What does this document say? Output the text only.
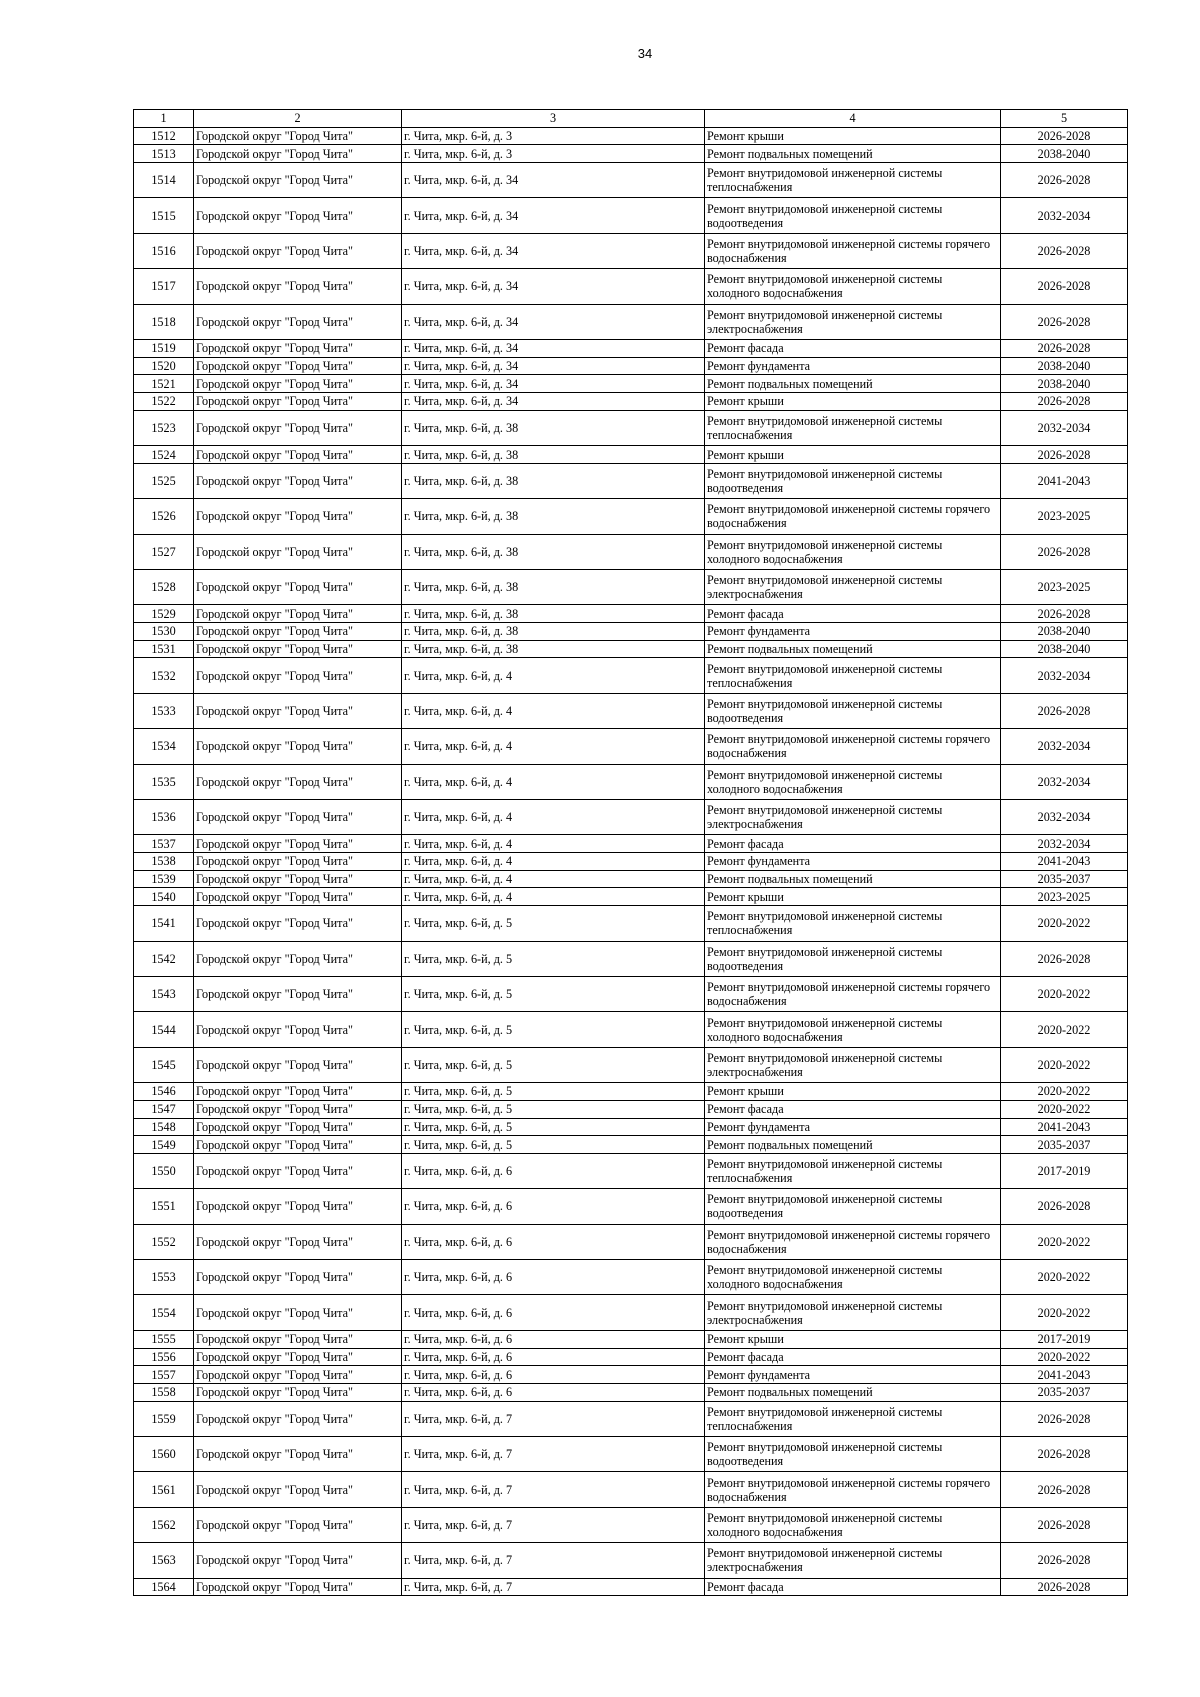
34
1	2	3	4	5
1512	Городской округ "Город Чита"	г. Чита, мкр. 6-й, д. 3	Ремонт крыши	2026-2028
1513	Городской округ "Город Чита"	г. Чита, мкр. 6-й, д. 3	Ремонт подвальных помещений	2038-2040
1514	Городской округ "Город Чита"	г. Чита, мкр. 6-й, д. 34	Ремонт внутридомовой инженерной системы теплоснабжения	2026-2028
1515	Городской округ "Город Чита"	г. Чита, мкр. 6-й, д. 34	Ремонт внутридомовой инженерной системы водоотведения	2032-2034
1516	Городской округ "Город Чита"	г. Чита, мкр. 6-й, д. 34	Ремонт внутридомовой инженерной системы горячего водоснабжения	2026-2028
1517	Городской округ "Город Чита"	г. Чита, мкр. 6-й, д. 34	Ремонт внутридомовой инженерной системы холодного водоснабжения	2026-2028
1518	Городской округ "Город Чита"	г. Чита, мкр. 6-й, д. 34	Ремонт внутридомовой инженерной системы электроснабжения	2026-2028
1519	Городской округ "Город Чита"	г. Чита, мкр. 6-й, д. 34	Ремонт фасада	2026-2028
1520	Городской округ "Город Чита"	г. Чита, мкр. 6-й, д. 34	Ремонт фундамента	2038-2040
1521	Городской округ "Город Чита"	г. Чита, мкр. 6-й, д. 34	Ремонт подвальных помещений	2038-2040
1522	Городской округ "Город Чита"	г. Чита, мкр. 6-й, д. 34	Ремонт крыши	2026-2028
1523	Городской округ "Город Чита"	г. Чита, мкр. 6-й, д. 38	Ремонт внутридомовой инженерной системы теплоснабжения	2032-2034
1524	Городской округ "Город Чита"	г. Чита, мкр. 6-й, д. 38	Ремонт крыши	2026-2028
1525	Городской округ "Город Чита"	г. Чита, мкр. 6-й, д. 38	Ремонт внутридомовой инженерной системы водоотведения	2041-2043
1526	Городской округ "Город Чита"	г. Чита, мкр. 6-й, д. 38	Ремонт внутридомовой инженерной системы горячего водоснабжения	2023-2025
1527	Городской округ "Город Чита"	г. Чита, мкр. 6-й, д. 38	Ремонт внутридомовой инженерной системы холодного водоснабжения	2026-2028
1528	Городской округ "Город Чита"	г. Чита, мкр. 6-й, д. 38	Ремонт внутридомовой инженерной системы электроснабжения	2023-2025
1529	Городской округ "Город Чита"	г. Чита, мкр. 6-й, д. 38	Ремонт фасада	2026-2028
1530	Городской округ "Город Чита"	г. Чита, мкр. 6-й, д. 38	Ремонт фундамента	2038-2040
1531	Городской округ "Город Чита"	г. Чита, мкр. 6-й, д. 38	Ремонт подвальных помещений	2038-2040
1532	Городской округ "Город Чита"	г. Чита, мкр. 6-й, д. 4	Ремонт внутридомовой инженерной системы теплоснабжения	2032-2034
1533	Городской округ "Город Чита"	г. Чита, мкр. 6-й, д. 4	Ремонт внутридомовой инженерной системы водоотведения	2026-2028
1534	Городской округ "Город Чита"	г. Чита, мкр. 6-й, д. 4	Ремонт внутридомовой инженерной системы горячего водоснабжения	2032-2034
1535	Городской округ "Город Чита"	г. Чита, мкр. 6-й, д. 4	Ремонт внутридомовой инженерной системы холодного водоснабжения	2032-2034
1536	Городской округ "Город Чита"	г. Чита, мкр. 6-й, д. 4	Ремонт внутридомовой инженерной системы электроснабжения	2032-2034
1537	Городской округ "Город Чита"	г. Чита, мкр. 6-й, д. 4	Ремонт фасада	2032-2034
1538	Городской округ "Город Чита"	г. Чита, мкр. 6-й, д. 4	Ремонт фундамента	2041-2043
1539	Городской округ "Город Чита"	г. Чита, мкр. 6-й, д. 4	Ремонт подвальных помещений	2035-2037
1540	Городской округ "Город Чита"	г. Чита, мкр. 6-й, д. 4	Ремонт крыши	2023-2025
1541	Городской округ "Город Чита"	г. Чита, мкр. 6-й, д. 5	Ремонт внутридомовой инженерной системы теплоснабжения	2020-2022
1542	Городской округ "Город Чита"	г. Чита, мкр. 6-й, д. 5	Ремонт внутридомовой инженерной системы водоотведения	2026-2028
1543	Городской округ "Город Чита"	г. Чита, мкр. 6-й, д. 5	Ремонт внутридомовой инженерной системы горячего водоснабжения	2020-2022
1544	Городской округ "Город Чита"	г. Чита, мкр. 6-й, д. 5	Ремонт внутридомовой инженерной системы холодного водоснабжения	2020-2022
1545	Городской округ "Город Чита"	г. Чита, мкр. 6-й, д. 5	Ремонт внутридомовой инженерной системы электроснабжения	2020-2022
1546	Городской округ "Город Чита"	г. Чита, мкр. 6-й, д. 5	Ремонт крыши	2020-2022
1547	Городской округ "Город Чита"	г. Чита, мкр. 6-й, д. 5	Ремонт фасада	2020-2022
1548	Городской округ "Город Чита"	г. Чита, мкр. 6-й, д. 5	Ремонт фундамента	2041-2043
1549	Городской округ "Город Чита"	г. Чита, мкр. 6-й, д. 5	Ремонт подвальных помещений	2035-2037
1550	Городской округ "Город Чита"	г. Чита, мкр. 6-й, д. 6	Ремонт внутридомовой инженерной системы теплоснабжения	2017-2019
1551	Городской округ "Город Чита"	г. Чита, мкр. 6-й, д. 6	Ремонт внутридомовой инженерной системы водоотведения	2026-2028
1552	Городской округ "Город Чита"	г. Чита, мкр. 6-й, д. 6	Ремонт внутридомовой инженерной системы горячего водоснабжения	2020-2022
1553	Городской округ "Город Чита"	г. Чита, мкр. 6-й, д. 6	Ремонт внутридомовой инженерной системы холодного водоснабжения	2020-2022
1554	Городской округ "Город Чита"	г. Чита, мкр. 6-й, д. 6	Ремонт внутридомовой инженерной системы электроснабжения	2020-2022
1555	Городской округ "Город Чита"	г. Чита, мкр. 6-й, д. 6	Ремонт крыши	2017-2019
1556	Городской округ "Город Чита"	г. Чита, мкр. 6-й, д. 6	Ремонт фасада	2020-2022
1557	Городской округ "Город Чита"	г. Чита, мкр. 6-й, д. 6	Ремонт фундамента	2041-2043
1558	Городской округ "Город Чита"	г. Чита, мкр. 6-й, д. 6	Ремонт подвальных помещений	2035-2037
1559	Городской округ "Город Чита"	г. Чита, мкр. 6-й, д. 7	Ремонт внутридомовой инженерной системы теплоснабжения	2026-2028
1560	Городской округ "Город Чита"	г. Чита, мкр. 6-й, д. 7	Ремонт внутридомовой инженерной системы водоотведения	2026-2028
1561	Городской округ "Город Чита"	г. Чита, мкр. 6-й, д. 7	Ремонт внутридомовой инженерной системы горячего водоснабжения	2026-2028
1562	Городской округ "Город Чита"	г. Чита, мкр. 6-й, д. 7	Ремонт внутридомовой инженерной системы холодного водоснабжения	2026-2028
1563	Городской округ "Город Чита"	г. Чита, мкр. 6-й, д. 7	Ремонт внутридомовой инженерной системы электроснабжения	2026-2028
1564	Городской округ "Город Чита"	г. Чита, мкр. 6-й, д. 7	Ремонт фасада	2026-2028
